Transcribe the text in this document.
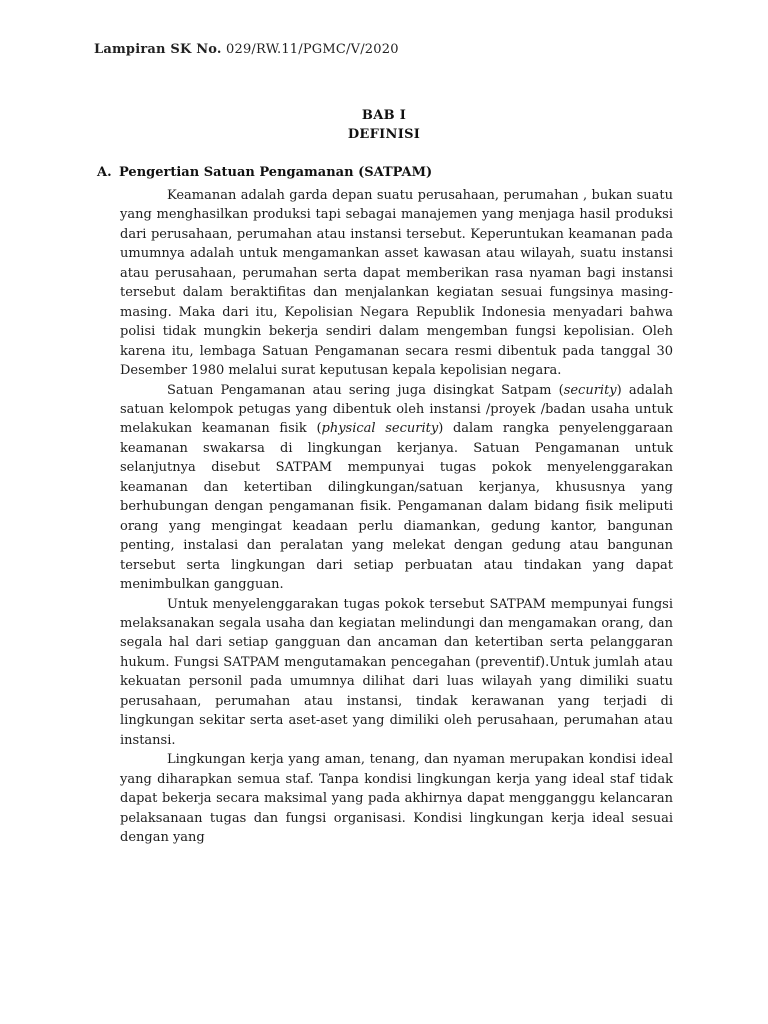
Lampiran SK No. 029/RW.11/PGMC/V/2020
BAB I
DEFINISI
A. Pengertian Satuan Pengamanan (SATPAM)

Keamanan adalah garda depan suatu perusahaan, perumahan , bukan suatu yang menghasilkan produksi tapi sebagai manajemen yang menjaga hasil produksi dari perusahaan, perumahan atau instansi tersebut. Keperuntukan keamanan pada umumnya adalah untuk mengamankan asset kawasan atau wilayah, suatu instansi atau perusahaan, perumahan serta dapat memberikan rasa nyaman bagi instansi tersebut dalam beraktifitas dan menjalankan kegiatan sesuai fungsinya masing-masing. Maka dari itu, Kepolisian Negara Republik Indonesia menyadari bahwa polisi tidak mungkin bekerja sendiri dalam mengemban fungsi kepolisian. Oleh karena itu, lembaga Satuan Pengamanan secara resmi dibentuk pada tanggal 30 Desember 1980 melalui surat keputusan kepala kepolisian negara.

Satuan Pengamanan atau sering juga disingkat Satpam (security) adalah satuan kelompok petugas yang dibentuk oleh instansi /proyek /badan usaha untuk melakukan keamanan fisik (physical security) dalam rangka penyelenggaraan keamanan swakarsa di lingkungan kerjanya. Satuan Pengamanan untuk selanjutnya disebut SATPAM mempunyai tugas pokok menyelenggarakan keamanan dan ketertiban dilingkungan/satuan kerjanya, khususnya yang berhubungan dengan pengamanan fisik. Pengamanan dalam bidang fisik meliputi orang yang mengingat keadaan perlu diamankan, gedung kantor, bangunan penting, instalasi dan peralatan yang melekat dengan gedung atau bangunan tersebut serta lingkungan dari setiap perbuatan atau tindakan yang dapat menimbulkan gangguan.

Untuk menyelenggarakan tugas pokok tersebut SATPAM mempunyai fungsi melaksanakan segala usaha dan kegiatan melindungi dan mengamakan orang, dan segala hal dari setiap gangguan dan ancaman dan ketertiban serta pelanggaran hukum. Fungsi SATPAM mengutamakan pencegahan (preventif).Untuk jumlah atau kekuatan personil pada umumnya dilihat dari luas wilayah yang dimiliki suatu perusahaan, perumahan atau instansi, tindak kerawanan yang terjadi di lingkungan sekitar serta aset-aset yang dimiliki oleh perusahaan, perumahan atau instansi.

Lingkungan kerja yang aman, tenang, dan nyaman merupakan kondisi ideal yang diharapkan semua staf. Tanpa kondisi lingkungan kerja yang ideal staf tidak dapat bekerja secara maksimal yang pada akhirnya dapat mengganggu kelancaran pelaksanaan tugas dan fungsi organisasi. Kondisi lingkungan kerja ideal sesuai dengan yang
